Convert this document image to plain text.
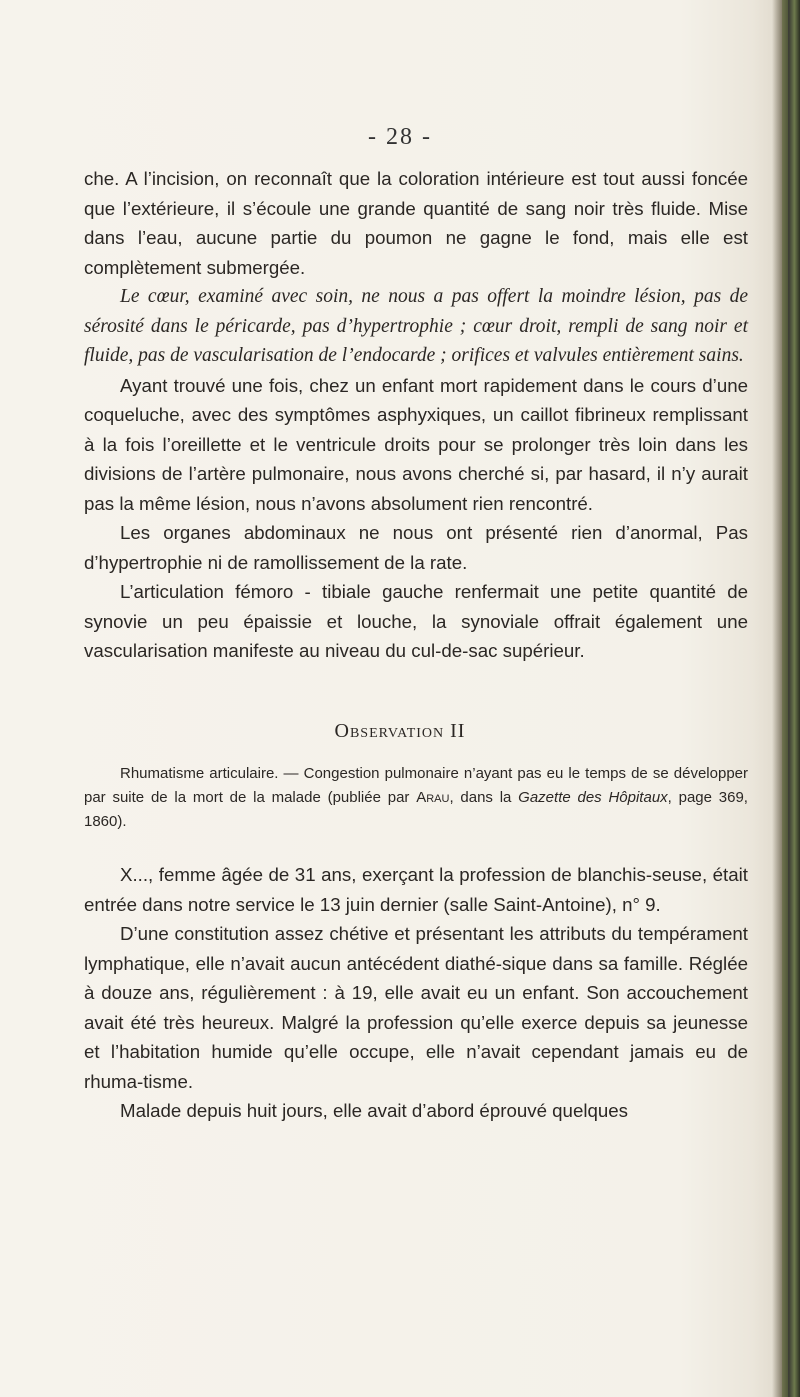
- 28 -

che. A l’incision, on reconnaît que la coloration intérieure est tout aussi foncée que l’extérieure, il s’écoule une grande quantité de sang noir très fluide. Mise dans l’eau, aucune partie du poumon ne gagne le fond, mais elle est complètement submergée.

Le cœur, examiné avec soin, ne nous a pas offert la moindre lésion, pas de sérosité dans le péricarde, pas d’hypertrophie ; cœur droit, rempli de sang noir et fluide, pas de vascularisation de l’endocarde ; orifices et valvules entièrement sains.

Ayant trouvé une fois, chez un enfant mort rapidement dans le cours d’une coqueluche, avec des symptômes asphyxiques, un caillot fibrineux remplissant à la fois l’oreillette et le ventricule droits pour se prolonger très loin dans les divisions de l’artère pulmonaire, nous avons cherché si, par hasard, il n’y aurait pas la même lésion, nous n’avons absolument rien rencontré.

Les organes abdominaux ne nous ont présenté rien d’anormal, Pas d’hypertrophie ni de ramollissement de la rate.

L’articulation fémoro - tibiale gauche renfermait une petite quantité de synovie un peu épaissie et louche, la synoviale offrait également une vascularisation manifeste au niveau du cul-de-sac supérieur.

Observation II

Rhumatisme articulaire. — Congestion pulmonaire n’ayant pas eu le temps de se développer par suite de la mort de la malade (publiée par Arau, dans la Gazette des Hôpitaux, page 369, 1860).

X..., femme âgée de 31 ans, exerçant la profession de blanchis-seuse, était entrée dans notre service le 13 juin dernier (salle Saint-Antoine), n° 9.

D’une constitution assez chétive et présentant les attributs du tempérament lymphatique, elle n’avait aucun antécédent diathé-sique dans sa famille. Réglée à douze ans, régulièrement : à 19, elle avait eu un enfant. Son accouchement avait été très heureux. Malgré la profession qu’elle exerce depuis sa jeunesse et l’habitation humide qu’elle occupe, elle n’avait cependant jamais eu de rhuma-tisme.

Malade depuis huit jours, elle avait d’abord éprouvé quelques
